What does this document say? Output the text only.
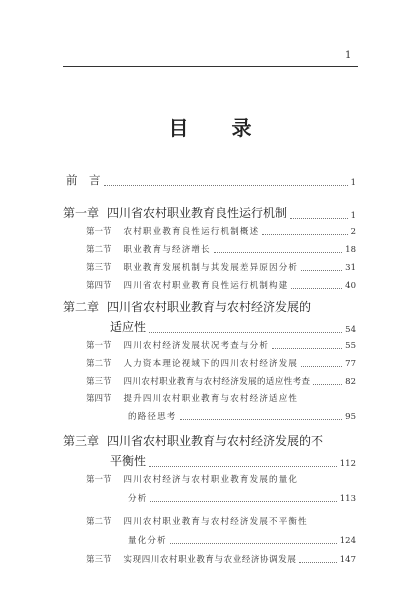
1
目 录
前　言	1
第一章 四川省农村职业教育良性运行机制	1
第一节 农村职业教育良性运行机制概述	2
第二节 职业教育与经济增长	18
第三节 职业教育发展机制与其发展差异原因分析	31
第四节 四川省农村职业教育良性运行机制构建	40
第二章 四川省农村职业教育与农村经济发展的
适应性	54
第一节 四川农村经济发展状况考查与分析	55
第二节 人力资本理论视域下的四川农村经济发展	77
第三节 四川农村职业教育与农村经济发展的适应性考查	82
第四节 提升四川农村职业教育与农村经济适应性
的路径思考	95
第三章 四川省农村职业教育与农村经济发展的不
平衡性	112
第一节 四川农村经济与农村职业教育发展的量化
分析	113
第二节 四川农村职业教育与农村经济发展不平衡性
量化分析	124
第三节 实现四川农村职业教育与农业经济协调发展	147
